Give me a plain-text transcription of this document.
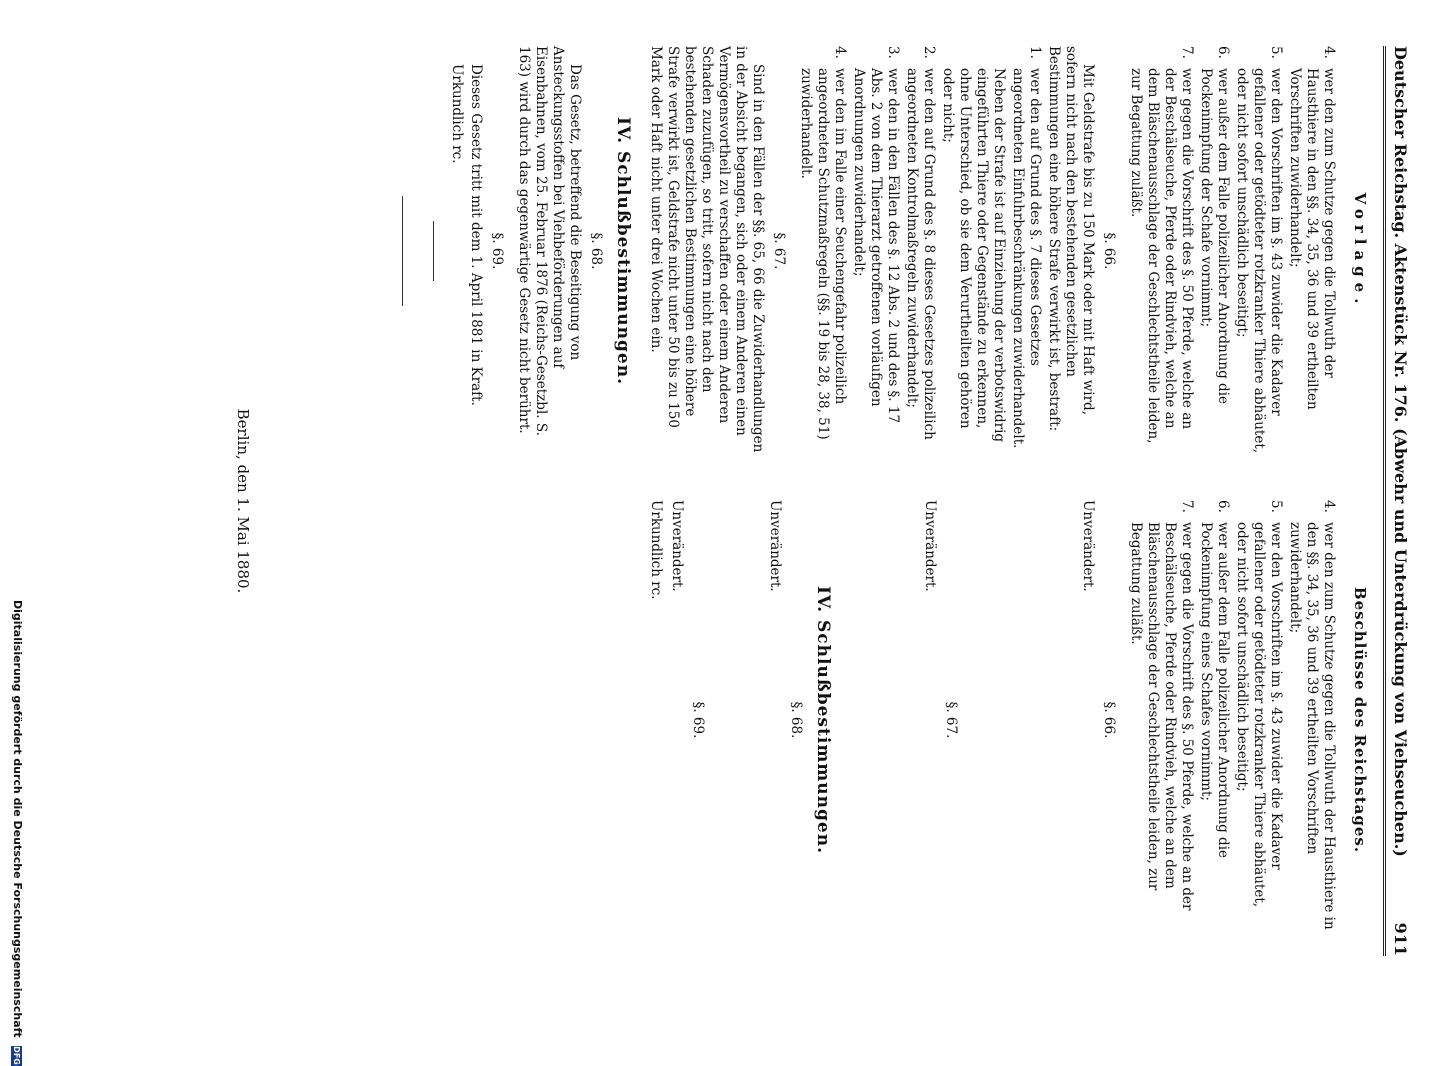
Deutscher Reichstag. Aktenstück Nr. 176. (Abwehr und Unterdrückung von Viehseuchen.)
911
Vorlage.
4.
wer den zum Schutze gegen die Tollwuth der Hausthiere in den §§. 34, 35, 36 und 39 ertheilten Vorschriften zuwiderhandelt;
5.
wer den Vorschriften im §. 43 zuwider die Kadaver gefallener oder getödteter rotzkranker Thiere abhäutet, oder nicht sofort unschädlich beseitigt;
6.
wer außer dem Falle polizeilicher Anordnung die Pockenimpfung der Schafe vornimmt;
7.
wer gegen die Vorschrift des §. 50 Pferde, welche an der Beschälseuche, Pferde oder Rindvieh, welche an dem Bläschenausschlage der Geschlechtstheile leiden, zur Begattung zuläßt.
§. 66.
Mit Geldstrafe bis zu 150 Mark oder mit Haft wird, sofern nicht nach den bestehenden gesetzlichen Bestimmungen eine höhere Strafe verwirkt ist, bestraft:
1.
wer den auf Grund des §. 7 dieses Gesetzes angeordneten Einfuhrbeschränkungen zuwiderhandelt.
Neben der Strafe ist auf Einziehung der verbotswidrig eingeführten Thiere oder Gegenstände zu erkennen, ohne Unterschied, ob sie dem Verurtheilten gehören oder nicht;
2.
wer den auf Grund des §. 8 dieses Gesetzes polizeilich angeordneten Kontrolmaßregeln zuwiderhandelt;
3.
wer den in den Fällen des §. 12 Abs. 2 und des §. 17 Abs. 2 von dem Thierarzt getroffenen vorläufigen Anordnungen zuwiderhandelt;
4.
wer den im Falle einer Seuchengefahr polizeilich angeordneten Schutzmaßregeln (§§. 19 bis 28, 38, 51) zuwiderhandelt.
§. 67.
Sind in den Fällen der §§. 65, 66 die Zuwiderhandlungen in der Absicht begangen, sich oder einem Anderen einen Vermögensvortheil zu verschaffen oder einem Anderen Schaden zuzufügen, so tritt, sofern nicht nach den bestehenden gesetzlichen Bestimmungen eine höhere Strafe verwirkt ist, Geldstrafe nicht unter 50 bis zu 150 Mark oder Haft nicht unter drei Wochen ein.
IV. Schlußbestimmungen.
§. 68.
Das Gesetz, betreffend die Beseitigung von Ansteckungsstoffen bei Viehbeförderungen auf Eisenbahnen, vom 25. Februar 1876 (Reichs-Gesetzbl. S. 163) wird durch das gegenwärtige Gesetz nicht berührt.
§. 69.
Dieses Gesetz tritt mit dem 1. April 1881 in Kraft.
Urkundlich rc.
Beschlüsse des Reichstages.
4.
wer den zum Schutze gegen die Tollwuth der Hausthiere in den §§. 34, 35, 36 und 39 ertheilten Vorschriften zuwiderhandelt;
5.
wer den Vorschriften im §. 43 zuwider die Kadaver gefallener oder getödteter rotzkranker Thiere abhäutet, oder nicht sofort unschädlich beseitigt;
6.
wer außer dem Falle polizeilicher Anordnung die Pockenimpfung eines Schafes vornimmt;
7.
wer gegen die Vorschrift des §. 50 Pferde, welche an der Beschälseuche, Pferde oder Rindvieh, welche an dem Bläschenausschlage der Geschlechtstheile leiden, zur Begattung zuläßt.
§. 66.
Unverändert.
§. 67.
Unverändert.
IV. Schlußbestimmungen.
§. 68.
Unverändert.
§. 69.
Unverändert.
Urkundlich rc.
Berlin, den 1. Mai 1880.
Digitalisierung gefördert durch die Deutsche Forschungsgemeinschaft DFG
